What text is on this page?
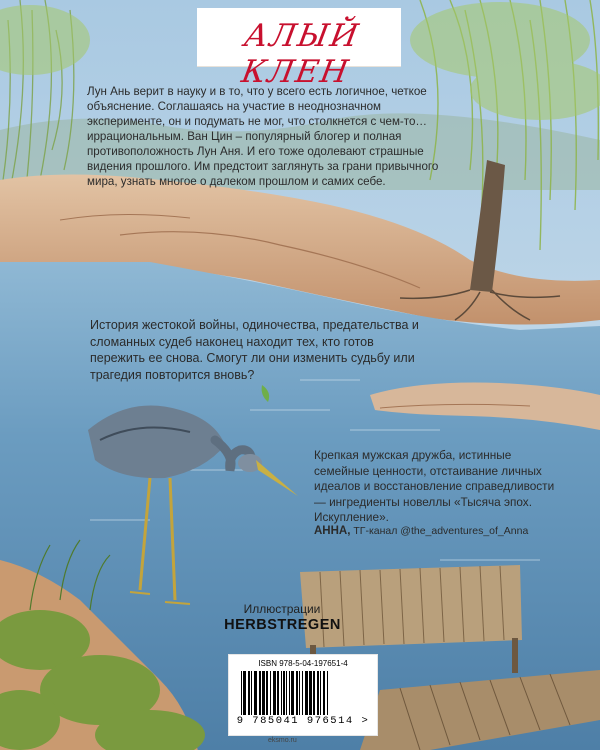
АЛЫЙ КЛЕН
Лун Ань верит в науку и в то, что у всего есть логичное, четкое объяснение. Соглашаясь на участие в неоднозначном эксперименте, он и подумать не мог, что столкнется с чем-то… иррациональным. Ван Цин – популярный блогер и полная противоположность Лун Аня. И его тоже одолевают страшные видения прошлого. Им предстоит заглянуть за грани привычного мира, узнать многое о далеком прошлом и самих себе.
История жестокой войны, одиночества, предательства и сломанных судеб наконец находит тех, кто готов пережить ее снова. Смогут ли они изменить судьбу или трагедия повторится вновь?
Крепкая мужская дружба, истинные семейные ценности, отстаивание личных идеалов и восстановление справедливости — ингредиенты новеллы «Тысяча эпох. Искупление».
АННА, ТГ-канал @the_adventures_of_Anna
Иллюстрации
HERBSTREGEN
ISBN 978-5-04-197651-4
9 785041 976514 >
eksmo.ru
